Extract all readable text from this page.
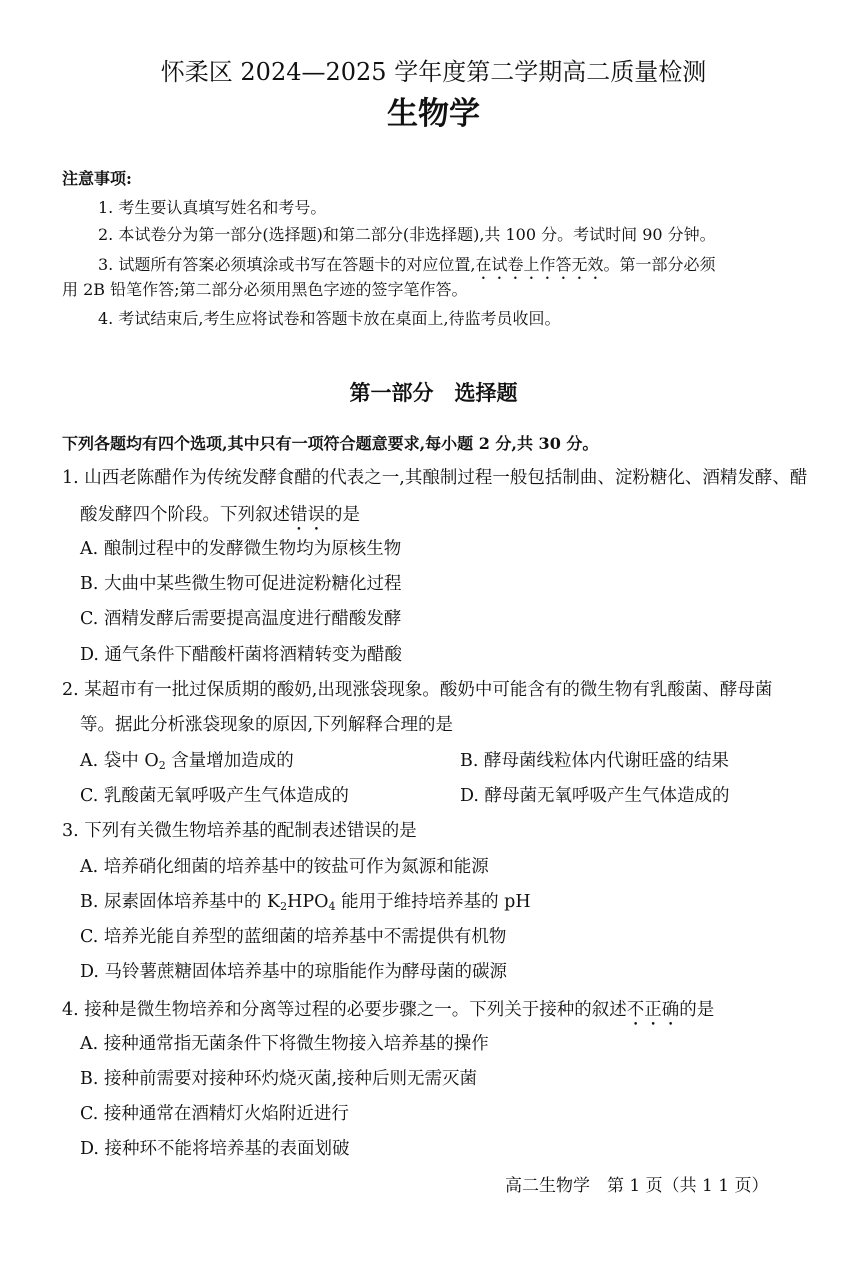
怀柔区 2024—2025 学年度第二学期高二质量检测
生物学
注意事项:
1. 考生要认真填写姓名和考号。
2. 本试卷分为第一部分(选择题)和第二部分(非选择题),共 100 分。考试时间 90 分钟。
3. 试题所有答案必须填涂或书写在答题卡的对应位置,在试卷上作答无效。第一部分必须
用 2B 铅笔作答;第二部分必须用黑色字迹的签字笔作答。
4. 考试结束后,考生应将试卷和答题卡放在桌面上,待监考员收回。
第一部分　选择题
下列各题均有四个选项,其中只有一项符合题意要求,每小题 2 分,共 30 分。
1. 山西老陈醋作为传统发酵食醋的代表之一,其酿制过程一般包括制曲、淀粉糖化、酒精发酵、醋
酸发酵四个阶段。下列叙述错误的是
A. 酿制过程中的发酵微生物均为原核生物
B. 大曲中某些微生物可促进淀粉糖化过程
C. 酒精发酵后需要提高温度进行醋酸发酵
D. 通气条件下醋酸杆菌将酒精转变为醋酸
2. 某超市有一批过保质期的酸奶,出现涨袋现象。酸奶中可能含有的微生物有乳酸菌、酵母菌
等。据此分析涨袋现象的原因,下列解释合理的是
A. 袋中 $O_2$ 含量增加造成的	B. 酵母菌线粒体内代谢旺盛的结果
C. 乳酸菌无氧呼吸产生气体造成的	D. 酵母菌无氧呼吸产生气体造成的
3. 下列有关微生物培养基的配制表述错误的是
A. 培养硝化细菌的培养基中的铵盐可作为氮源和能源
B. 尿素固体培养基中的 $K_2HPO_4$ 能用于维持培养基的 pH
C. 培养光能自养型的蓝细菌的培养基中不需提供有机物
D. 马铃薯蔗糖固体培养基中的琼脂能作为酵母菌的碳源
4. 接种是微生物培养和分离等过程的必要步骤之一。下列关于接种的叙述不正确的是
A. 接种通常指无菌条件下将微生物接入培养基的操作
B. 接种前需要对接种环灼烧灭菌,接种后则无需灭菌
C. 接种通常在酒精灯火焰附近进行
D. 接种环不能将培养基的表面划破
高二生物学　第 1 页（共 1 1 页）
